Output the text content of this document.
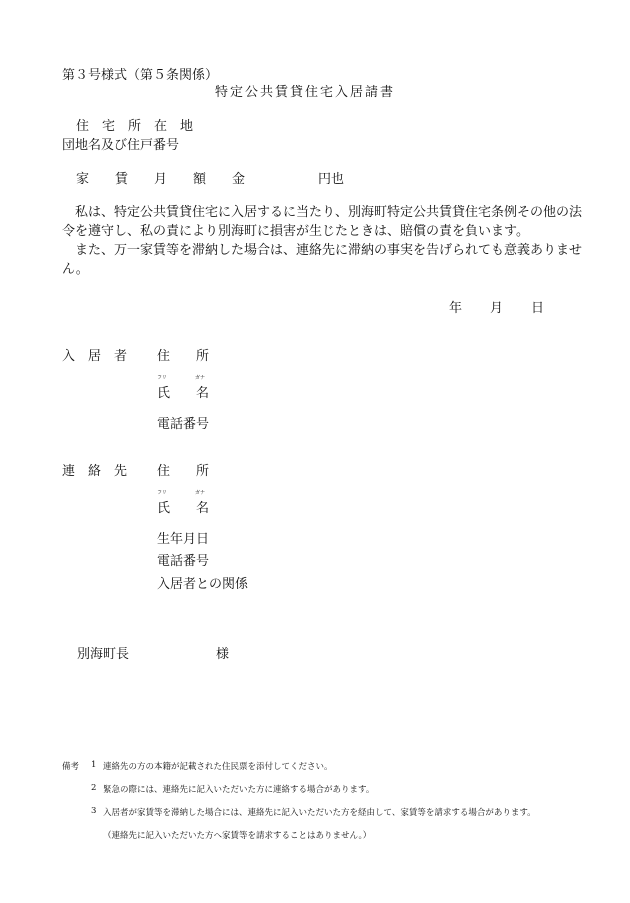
第３号様式（第５条関係）
特定公共賃貸住宅入居請書
住　宅　所　在　地
団地名及び住戸番号
家　　賃　　月　　額　　金	円也

私は、特定公共賃貸住宅に入居するに当たり、別海町特定公共賃貸住宅条例その他の法令を遵守し、私の責により別海町に損害が生じたときは、賠償の責を負います。

また、万一家賃等を滞納した場合は、連絡先に滞納の事実を告げられても意義ありません。

年 月 日
入　居　者 住　　所
フリ	ガナ
氏　　名
電話番号
連　絡　先 住　　所
フリ	ガナ
氏　　名
生年月日
電話番号
入居者との関係
別海町長	様
備考 1 連絡先の方の本籍が記載された住民票を添付してください。
2 緊急の際には、連絡先に記入いただいた方に連絡する場合があります。
3 入居者が家賃等を滞納した場合には、連絡先に記入いただいた方を経由して、家賃等を請求する場合があります。
（連絡先に記入いただいた方へ家賃等を請求することはありません。）
